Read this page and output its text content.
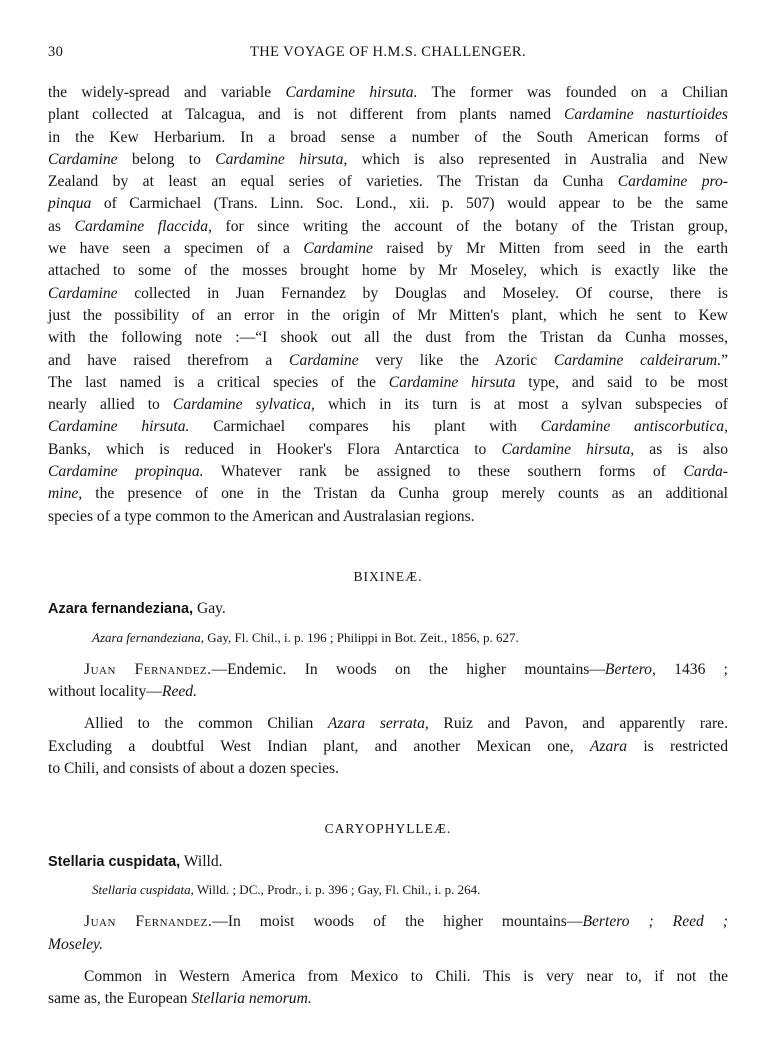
30	THE VOYAGE OF H.M.S. CHALLENGER.
the widely-spread and variable Cardamine hirsuta. The former was founded on a Chilian
plant collected at Talcagua, and is not different from plants named Cardamine nasturtioides
in the Kew Herbarium. In a broad sense a number of the South American forms of
Cardamine belong to Cardamine hirsuta, which is also represented in Australia and New
Zealand by at least an equal series of varieties. The Tristan da Cunha Cardamine pro-
pinqua of Carmichael (Trans. Linn. Soc. Lond., xii. p. 507) would appear to be the same
as Cardamine flaccida, for since writing the account of the botany of the Tristan group,
we have seen a specimen of a Cardamine raised by Mr Mitten from seed in the earth
attached to some of the mosses brought home by Mr Moseley, which is exactly like the
Cardamine collected in Juan Fernandez by Douglas and Moseley. Of course, there is
just the possibility of an error in the origin of Mr Mitten's plant, which he sent to Kew
with the following note :—“I shook out all the dust from the Tristan da Cunha mosses,
and have raised therefrom a Cardamine very like the Azoric Cardamine caldeirarum.”
The last named is a critical species of the Cardamine hirsuta type, and said to be most
nearly allied to Cardamine sylvatica, which in its turn is at most a sylvan subspecies of
Cardamine hirsuta. Carmichael compares his plant with Cardamine antiscorbutica,
Banks, which is reduced in Hooker's Flora Antarctica to Cardamine hirsuta, as is also
Cardamine propinqua. Whatever rank be assigned to these southern forms of Carda-
mine, the presence of one in the Tristan da Cunha group merely counts as an additional
species of a type common to the American and Australasian regions.
BIXINEÆ.
Azara fernandeziana, Gay.
Azara fernandeziana, Gay, Fl. Chil., i. p. 196 ; Philippi in Bot. Zeit., 1856, p. 627.
Juan Fernandez.—Endemic. In woods on the higher mountains—Bertero, 1436 ;
without locality—Reed.
Allied to the common Chilian Azara serrata, Ruiz and Pavon, and apparently rare.
Excluding a doubtful West Indian plant, and another Mexican one, Azara is restricted
to Chili, and consists of about a dozen species.
CARYOPHYLLEÆ.
Stellaria cuspidata, Willd.
Stellaria cuspidata, Willd. ; DC., Prodr., i. p. 396 ; Gay, Fl. Chil., i. p. 264.
Juan Fernandez.—In moist woods of the higher mountains—Bertero ; Reed ;
Moseley.
Common in Western America from Mexico to Chili. This is very near to, if not the
same as, the European Stellaria nemorum.
